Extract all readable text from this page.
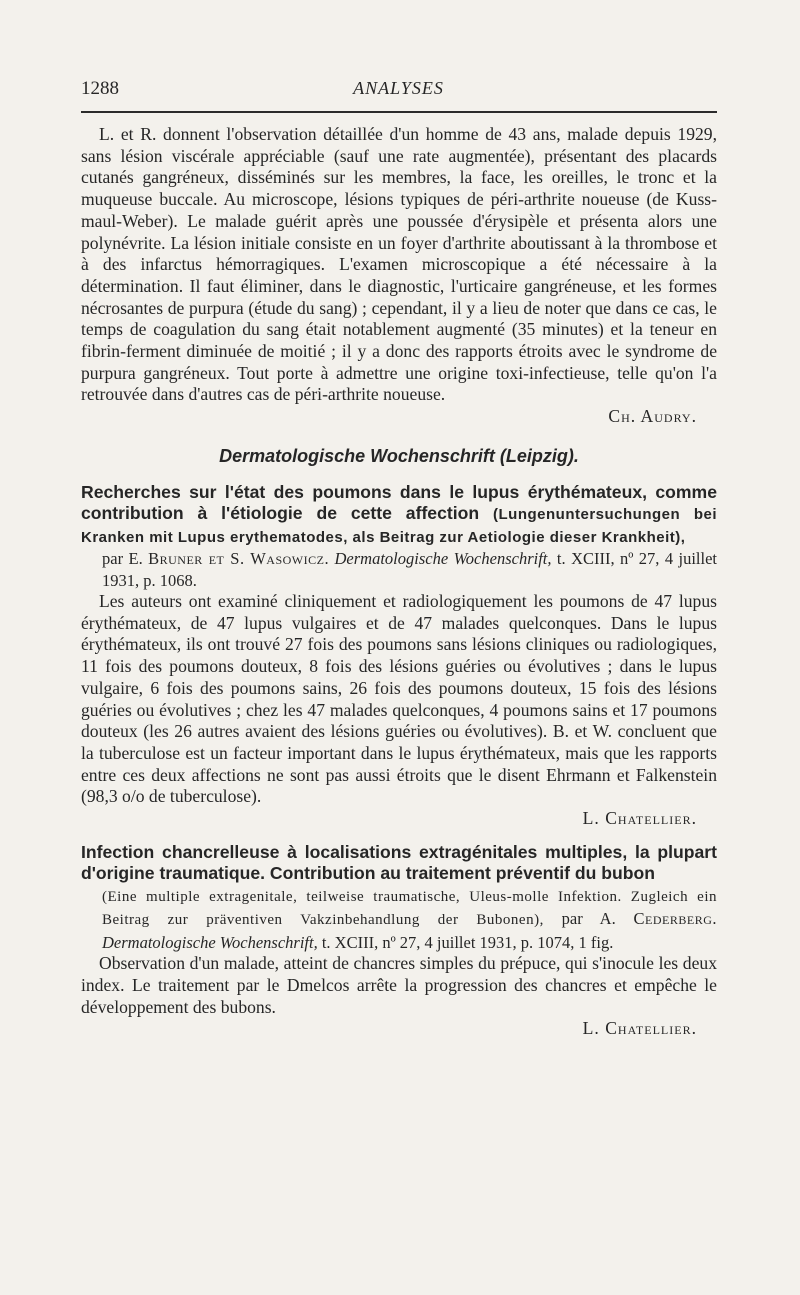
1288	ANALYSES

L. et R. donnent l'observation détaillée d'un homme de 43 ans, malade depuis 1929, sans lésion viscérale appréciable (sauf une rate augmentée), présentant des placards cutanés gangréneux, disséminés sur les membres, la face, les oreilles, le tronc et la muqueuse buccale. Au microscope, lésions typiques de péri-arthrite noueuse (de Kuss-maul-Weber). Le malade guérit après une poussée d'érysipèle et présenta alors une polynévrite. La lésion initiale consiste en un foyer d'arthrite aboutissant à la thrombose et à des infarctus hémorragiques. L'examen microscopique a été nécessaire à la détermination. Il faut éliminer, dans le diagnostic, l'urticaire gangréneuse, et les formes nécrosantes de purpura (étude du sang) ; cependant, il y a lieu de noter que dans ce cas, le temps de coagulation du sang était notablement augmenté (35 minutes) et la teneur en fibrin-ferment diminuée de moitié ; il y a donc des rapports étroits avec le syndrome de purpura gangréneux. Tout porte à admettre une origine toxi-infectieuse, telle qu'on l'a retrouvée dans d'autres cas de péri-arthrite noueuse.

Ch. Audry.

Dermatologische Wochenschrift (Leipzig).
Recherches sur l'état des poumons dans le lupus érythémateux, comme contribution à l'étiologie de cette affection (Lungenuntersuchungen bei Kranken mit Lupus erythematodes, als Beitrag zur Aetiologie dieser Krankheit),
par E. Bruner et S. Wasowicz. Dermatologische Wochenschrift, t. XCIII, nº 27, 4 juillet 1931, p. 1068.

Les auteurs ont examiné cliniquement et radiologiquement les poumons de 47 lupus érythémateux, de 47 lupus vulgaires et de 47 malades quelconques. Dans le lupus érythémateux, ils ont trouvé 27 fois des poumons sans lésions cliniques ou radiologiques, 11 fois des poumons douteux, 8 fois des lésions guéries ou évolutives ; dans le lupus vulgaire, 6 fois des poumons sains, 26 fois des poumons douteux, 15 fois des lésions guéries ou évolutives ; chez les 47 malades quelconques, 4 poumons sains et 17 poumons douteux (les 26 autres avaient des lésions guéries ou évolutives). B. et W. concluent que la tuberculose est un facteur important dans le lupus érythémateux, mais que les rapports entre ces deux affections ne sont pas aussi étroits que le disent Ehrmann et Falkenstein (98,3 o/o de tuberculose).

L. Chatellier.

Infection chancrelleuse à localisations extragénitales multiples, la plupart d'origine traumatique. Contribution au traitement préventif du bubon
(Eine multiple extragenitale, teilweise traumatische, Uleus-molle Infektion. Zugleich ein Beitrag zur präventiven Vakzinbehandlung der Bubonen), par A. Cederberg. Dermatologische Wochenschrift, t. XCIII, nº 27, 4 juillet 1931, p. 1074, 1 fig.

Observation d'un malade, atteint de chancres simples du prépuce, qui s'inocule les deux index. Le traitement par le Dmelcos arrête la progression des chancres et empêche le développement des bubons.

L. Chatellier.
